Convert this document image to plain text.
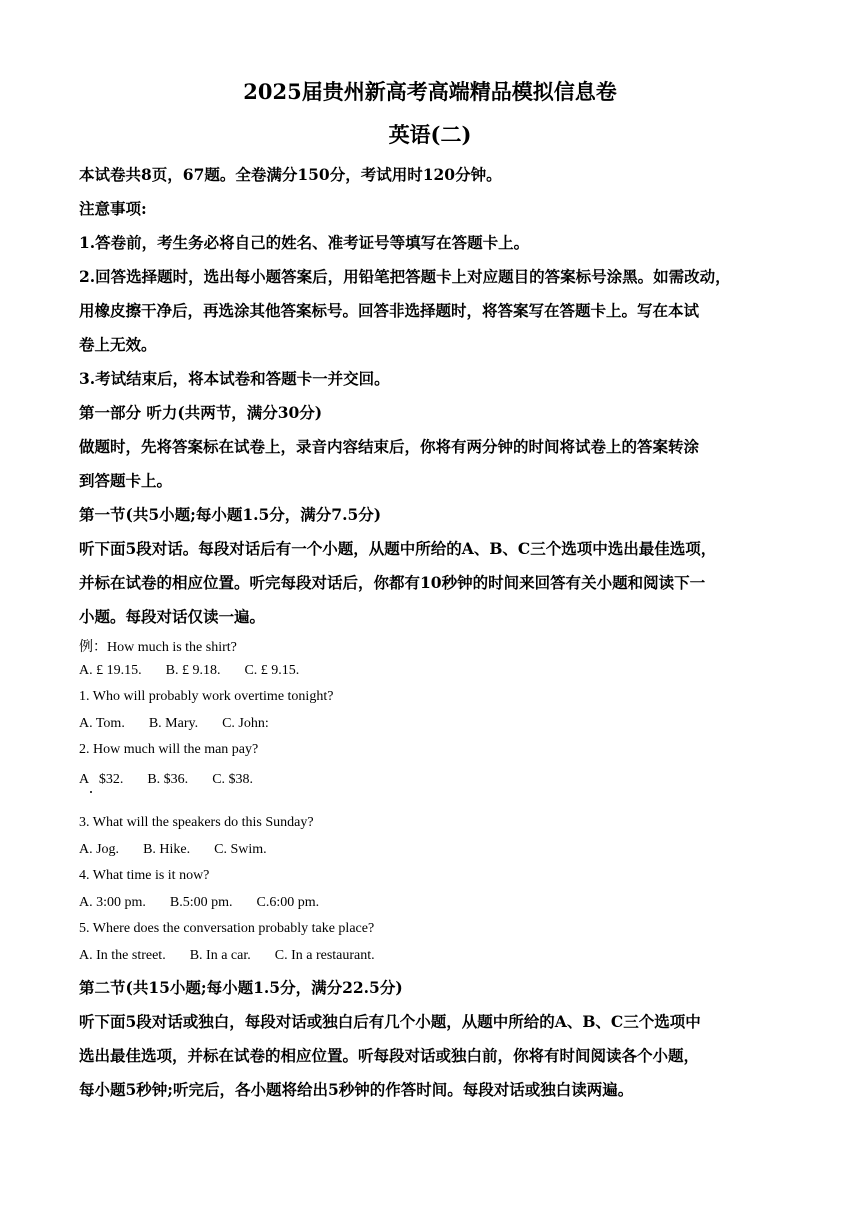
2025届贵州新高考高端精品模拟信息卷
英语(二)

本试卷共8页，67题。全卷满分150分，考试用时120分钟。

注意事项:

1.答卷前，考生务必将自己的姓名、准考证号等填写在答题卡上。

2.回答选择题时，选出每小题答案后，用铅笔把答题卡上对应题目的答案标号涂黑。如需改动，

用橡皮擦干净后，再选涂其他答案标号。回答非选择题时，将答案写在答题卡上。写在本试

卷上无效。

3.考试结束后，将本试卷和答题卡一并交回。

第一部分 听力(共两节，满分30分)

做题时，先将答案标在试卷上，录音内容结束后，你将有两分钟的时间将试卷上的答案转涂

到答题卡上。

第一节(共5小题;每小题1.5分，满分7.5分)

听下面5段对话。每段对话后有一个小题，从题中所给的A、B、C三个选项中选出最佳选项，

并标在试卷的相应位置。听完每段对话后，你都有10秒钟的时间来回答有关小题和阅读下一

小题。每段对话仅读一遍。

例：How much is the shirt?

A. £ 19.15. B. £ 9.18. C. £ 9.15.

1. Who will probably work overtime tonight?

A. Tom. B. Mary. C. John:

2. How much will the man pay?

A   $32. B. $36. C. $38.

3. What will the speakers do this Sunday?

A. Jog. B. Hike. C. Swim.

4. What time is it now?

A. 3:00 pm. B.5:00 pm. C.6:00 pm.

5. Where does the conversation probably take place?

A. In the street. B. In a car. C. In a restaurant.

第二节(共15小题;每小题1.5分，满分22.5分)

听下面5段对话或独白，每段对话或独白后有几个小题，从题中所给的A、B、C三个选项中

选出最佳选项，并标在试卷的相应位置。听每段对话或独白前，你将有时间阅读各个小题，

每小题5秒钟;听完后，各小题将给出5秒钟的作答时间。每段对话或独白读两遍。
